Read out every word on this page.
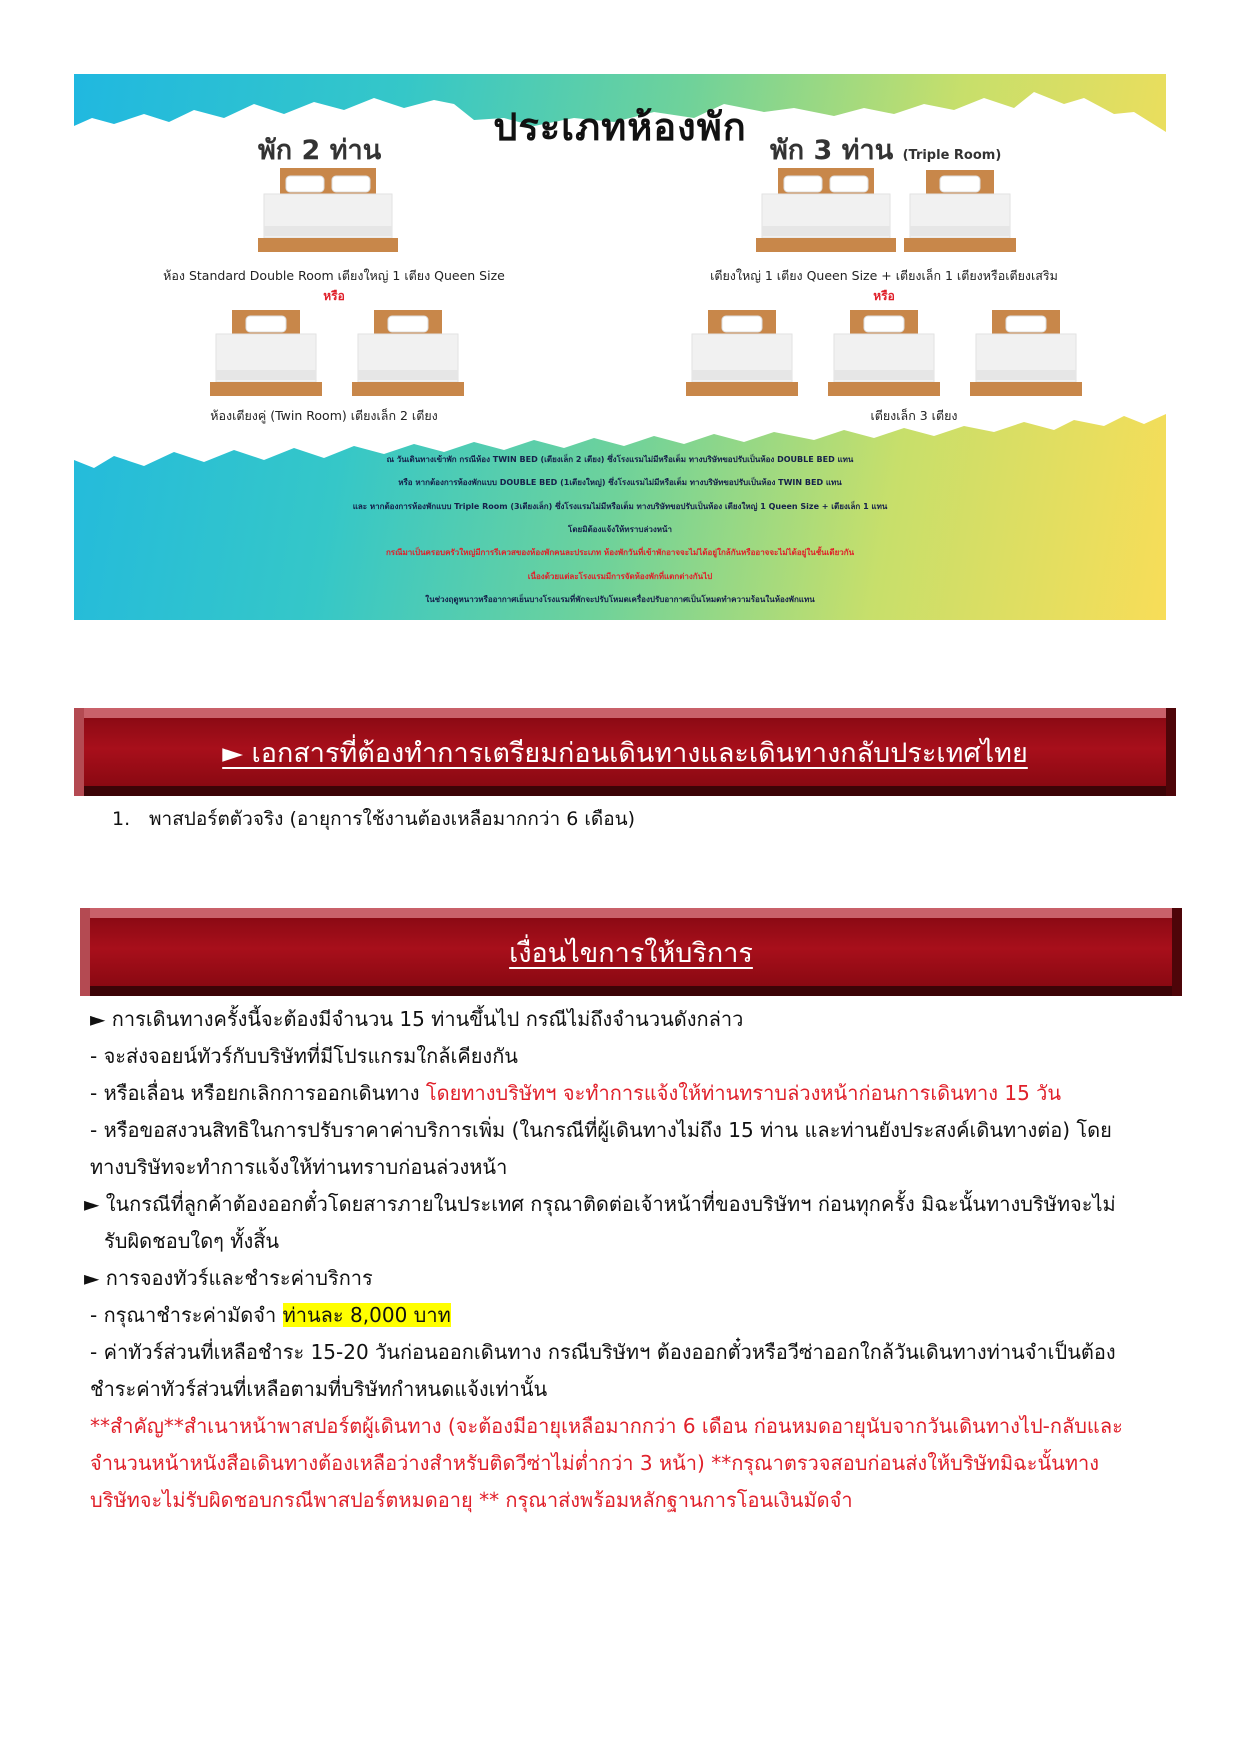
ประเภทห้องพัก
พัก 2 ท่าน
ห้อง Standard Double Room เตียงใหญ่ 1 เตียง Queen Size
หรือ
ห้องเตียงคู่ (Twin Room) เตียงเล็ก 2 เตียง
พัก 3 ท่าน (Triple Room)
เตียงใหญ่ 1 เตียง Queen Size + เตียงเล็ก 1 เตียงหรือเตียงเสริม
หรือ
เตียงเล็ก 3 เตียง
ณ วันเดินทางเข้าพัก กรณีห้อง TWIN BED (เตียงเล็ก 2 เตียง) ซึ่งโรงแรมไม่มีหรือเต็ม ทางบริษัทขอปรับเป็นห้อง DOUBLE BED แทน
หรือ หากต้องการห้องพักแบบ DOUBLE BED (1เตียงใหญ่) ซึ่งโรงแรมไม่มีหรือเต็ม ทางบริษัทขอปรับเป็นห้อง TWIN BED แทน
และ หากต้องการห้องพักแบบ Triple Room (3เตียงเล็ก) ซึ่งโรงแรมไม่มีหรือเต็ม ทางบริษัทขอปรับเป็นห้อง เตียงใหญ่ 1 Queen Size + เตียงเล็ก 1 แทน
โดยมิต้องแจ้งให้ทราบล่วงหน้า
กรณีมาเป็นครอบครัวใหญ่มีการรีเควสของห้องพักคนละประเภท ห้องพักวันที่เข้าพักอาจจะไม่ได้อยู่ใกล้กันหรืออาจจะไม่ได้อยู่ในชั้นเดียวกัน
เนื่องด้วยแต่ละโรงแรมมีการจัดห้องพักที่แตกต่างกันไป
ในช่วงฤดูหนาวหรืออากาศเย็นบางโรงแรมที่พักจะปรับโหมดเครื่องปรับอากาศเป็นโหมดทำความร้อนในห้องพักแทน
► เอกสารที่ต้องทำการเตรียมก่อนเดินทางและเดินทางกลับประเทศไทย
1. พาสปอร์ตตัวจริง (อายุการใช้งานต้องเหลือมากกว่า 6 เดือน)
เงื่อนไขการให้บริการ
► การเดินทางครั้งนี้จะต้องมีจำนวน 15 ท่านขึ้นไป กรณีไม่ถึงจำนวนดังกล่าว
- จะส่งจอยน์ทัวร์กับบริษัทที่มีโปรแกรมใกล้เคียงกัน
- หรือเลื่อน หรือยกเลิกการออกเดินทาง โดยทางบริษัทฯ จะทำการแจ้งให้ท่านทราบล่วงหน้าก่อนการเดินทาง 15 วัน
- หรือขอสงวนสิทธิในการปรับราคาค่าบริการเพิ่ม (ในกรณีที่ผู้เดินทางไม่ถึง 15 ท่าน และท่านยังประสงค์เดินทางต่อ) โดย
ทางบริษัทจะทำการแจ้งให้ท่านทราบก่อนล่วงหน้า
► ในกรณีที่ลูกค้าต้องออกตั๋วโดยสารภายในประเทศ กรุณาติดต่อเจ้าหน้าที่ของบริษัทฯ ก่อนทุกครั้ง มิฉะนั้นทางบริษัทจะไม่
รับผิดชอบใดๆ ทั้งสิ้น
► การจองทัวร์และชำระค่าบริการ
- กรุณาชำระค่ามัดจำ ท่านละ 8,000 บาท
- ค่าทัวร์ส่วนที่เหลือชำระ 15-20 วันก่อนออกเดินทาง กรณีบริษัทฯ ต้องออกตั๋วหรือวีซ่าออกใกล้วันเดินทางท่านจำเป็นต้อง
ชำระค่าทัวร์ส่วนที่เหลือตามที่บริษัทกำหนดแจ้งเท่านั้น
**สำคัญ**สำเนาหน้าพาสปอร์ตผู้เดินทาง (จะต้องมีอายุเหลือมากกว่า 6 เดือน ก่อนหมดอายุนับจากวันเดินทางไป-กลับและ
จำนวนหน้าหนังสือเดินทางต้องเหลือว่างสำหรับติดวีซ่าไม่ต่ำกว่า 3 หน้า) **กรุณาตรวจสอบก่อนส่งให้บริษัทมิฉะนั้นทาง
บริษัทจะไม่รับผิดชอบกรณีพาสปอร์ตหมดอายุ ** กรุณาส่งพร้อมหลักฐานการโอนเงินมัดจำ
